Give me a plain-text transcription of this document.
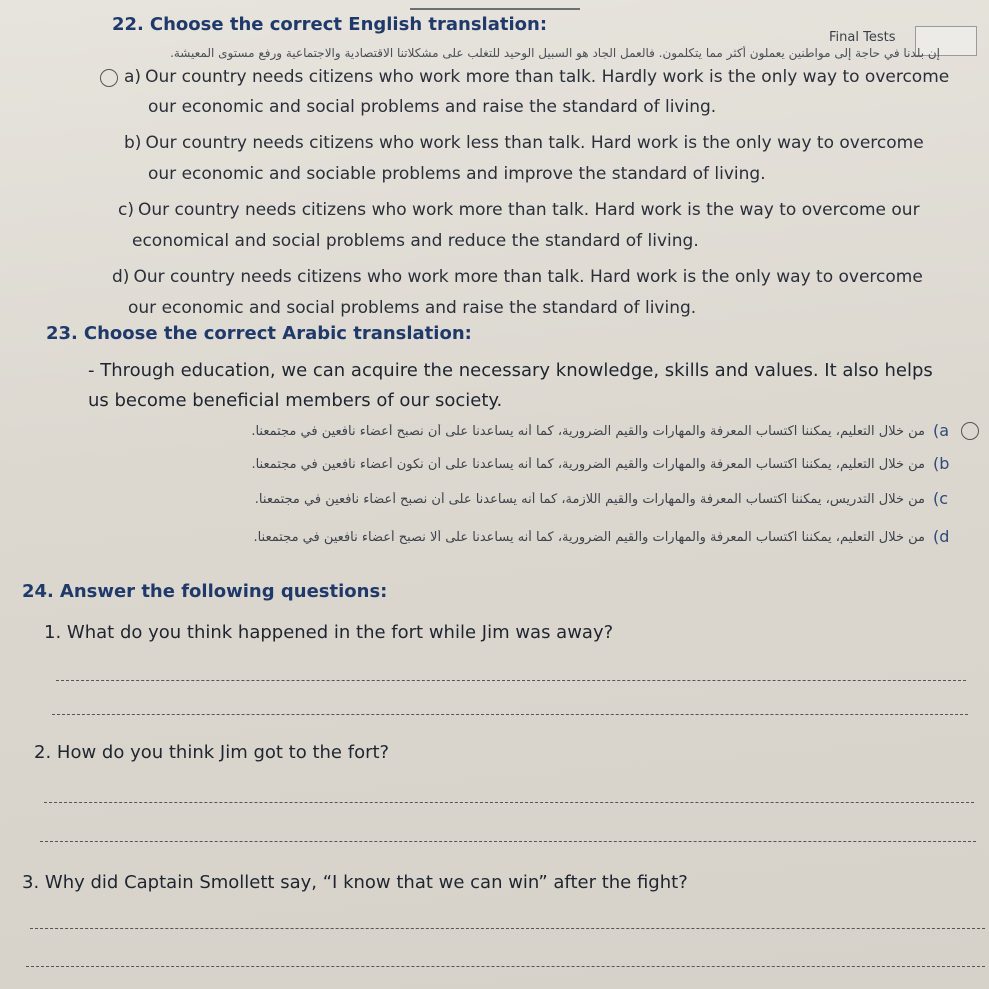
Final Tests
22. Choose the correct English translation:
إن بلدنا في حاجة إلى مواطنين يعملون أكثر مما يتكلمون. فالعمل الجاد هو السبيل الوحيد للتغلب على مشكلاتنا الاقتصادية والاجتماعية ورفع مستوى المعيشة.
a) Our country needs citizens who work more than talk. Hardly work is the only way to overcome
our economic and social problems and raise the standard of living.
b) Our country needs citizens who work less than talk. Hard work is the only way to overcome
our economic and sociable problems and improve the standard of living.
c) Our country needs citizens who work more than talk. Hard work is the way to overcome our
economical and social problems and reduce the standard of living.
d) Our country needs citizens who work more than talk. Hard work is the only way to overcome
our economic and social problems and raise the standard of living.
23. Choose the correct Arabic translation:
- Through education, we can acquire the necessary knowledge, skills and values. It also helps
us become beneficial members of our society.
(a
من خلال التعليم، يمكننا اكتساب المعرفة والمهارات والقيم الضرورية، كما أنه يساعدنا على أن نصبح أعضاء نافعين في مجتمعنا.
(b
من خلال التعليم، يمكننا اكتساب المعرفة والمهارات والقيم الضرورية، كما أنه يساعدنا على أن نكون أعضاء نافعين في مجتمعنا.
(c
من خلال التدريس، يمكننا اكتساب المعرفة والمهارات والقيم اللازمة، كما أنه يساعدنا على أن نصبح أعضاء نافعين في مجتمعنا.
(d
من خلال التعليم، يمكننا اكتساب المعرفة والمهارات والقيم الضرورية، كما أنه يساعدنا على ألا نصبح أعضاء نافعين في مجتمعنا.
24. Answer the following questions:
1. What do you think happened in the fort while Jim was away?
2. How do you think Jim got to the fort?
3. Why did Captain Smollett say, “I know that we can win” after the fight?
